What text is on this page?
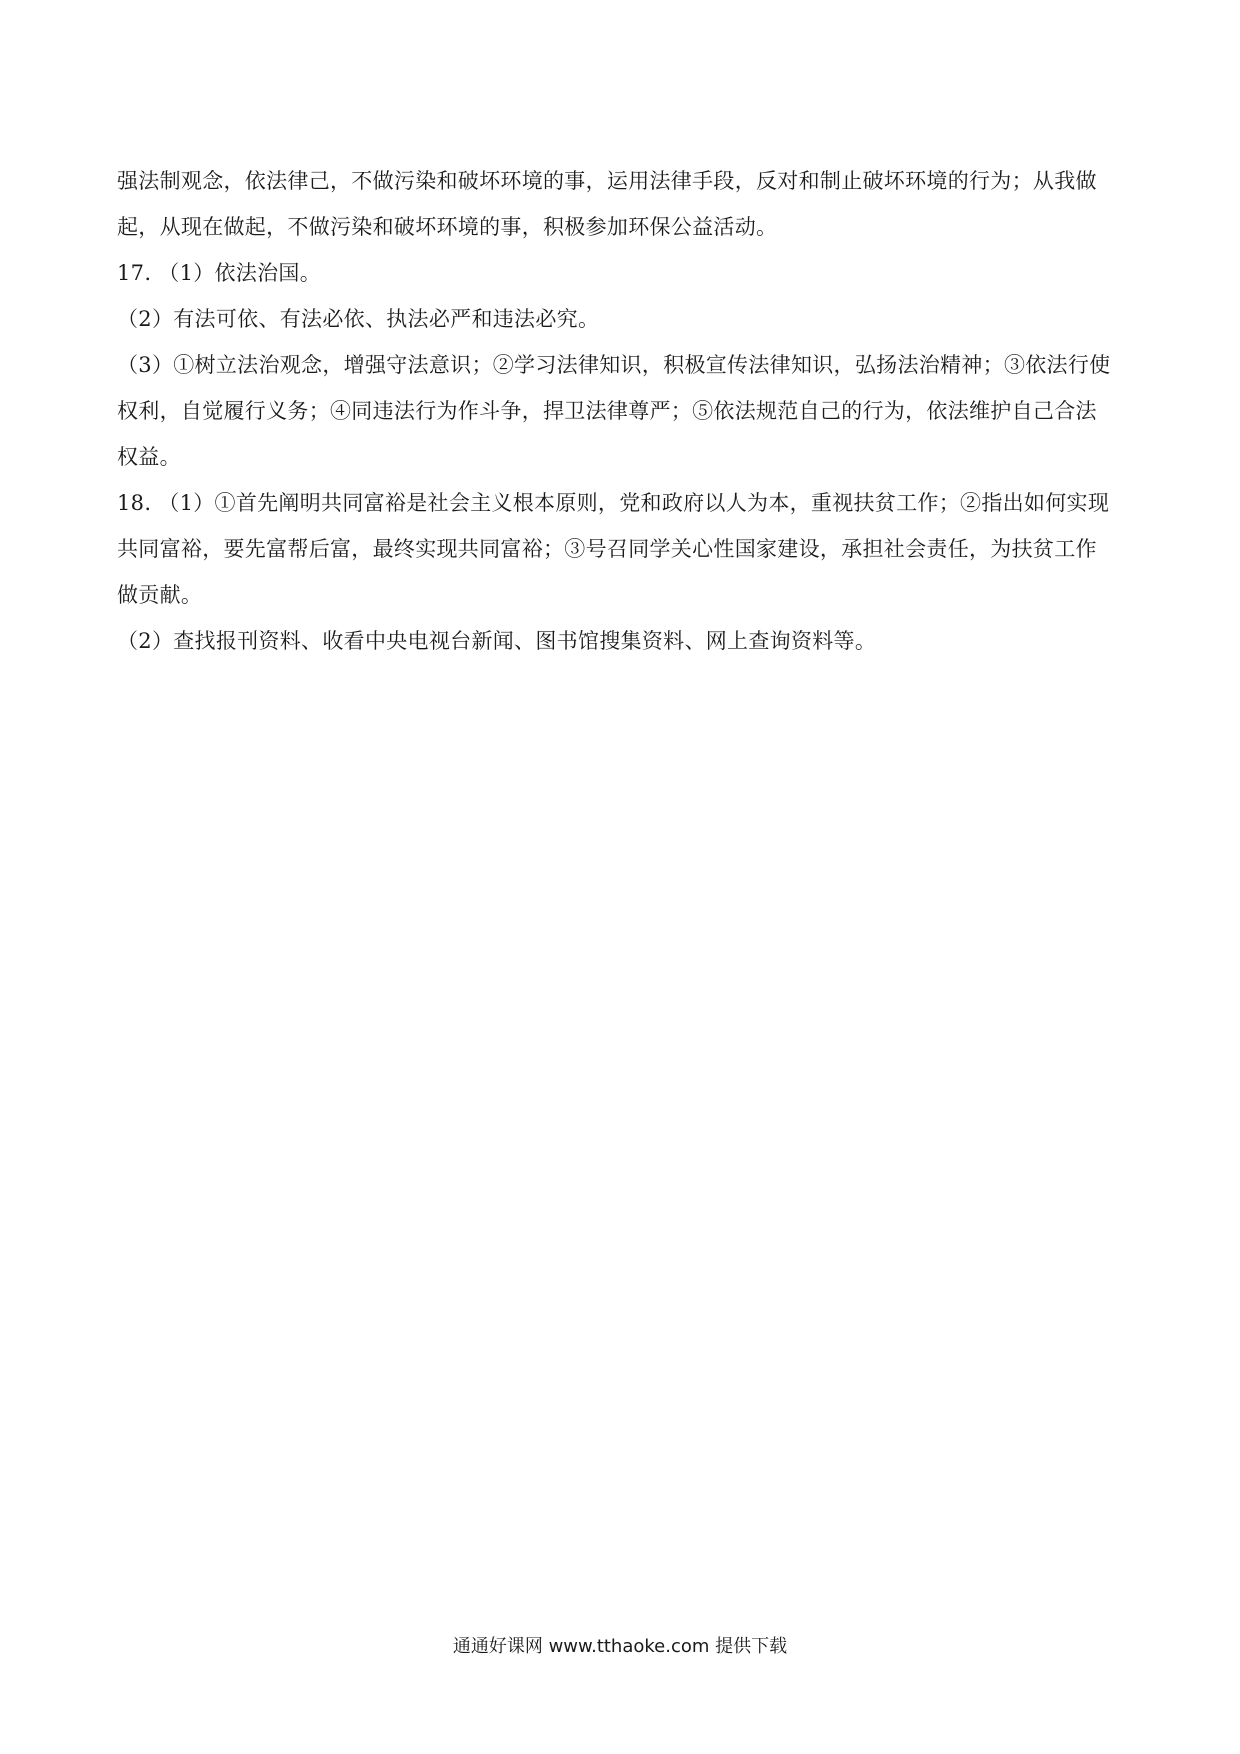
强法制观念，依法律己，不做污染和破坏环境的事，运用法律手段，反对和制止破坏环境的行为；从我做
起，从现在做起，不做污染和破坏环境的事，积极参加环保公益活动。
17. （1）依法治国。
（2）有法可依、有法必依、执法必严和违法必究。
（3）①树立法治观念，增强守法意识；②学习法律知识，积极宣传法律知识，弘扬法治精神；③依法行使
权利，自觉履行义务；④同违法行为作斗争，捍卫法律尊严；⑤依法规范自己的行为，依法维护自己合法
权益。
18. （1）①首先阐明共同富裕是社会主义根本原则，党和政府以人为本，重视扶贫工作；②指出如何实现
共同富裕，要先富帮后富，最终实现共同富裕；③号召同学关心性国家建设，承担社会责任，为扶贫工作
做贡献。
（2）查找报刊资料、收看中央电视台新闻、图书馆搜集资料、网上查询资料等。
通通好课网 www.tthaoke.com 提供下载
